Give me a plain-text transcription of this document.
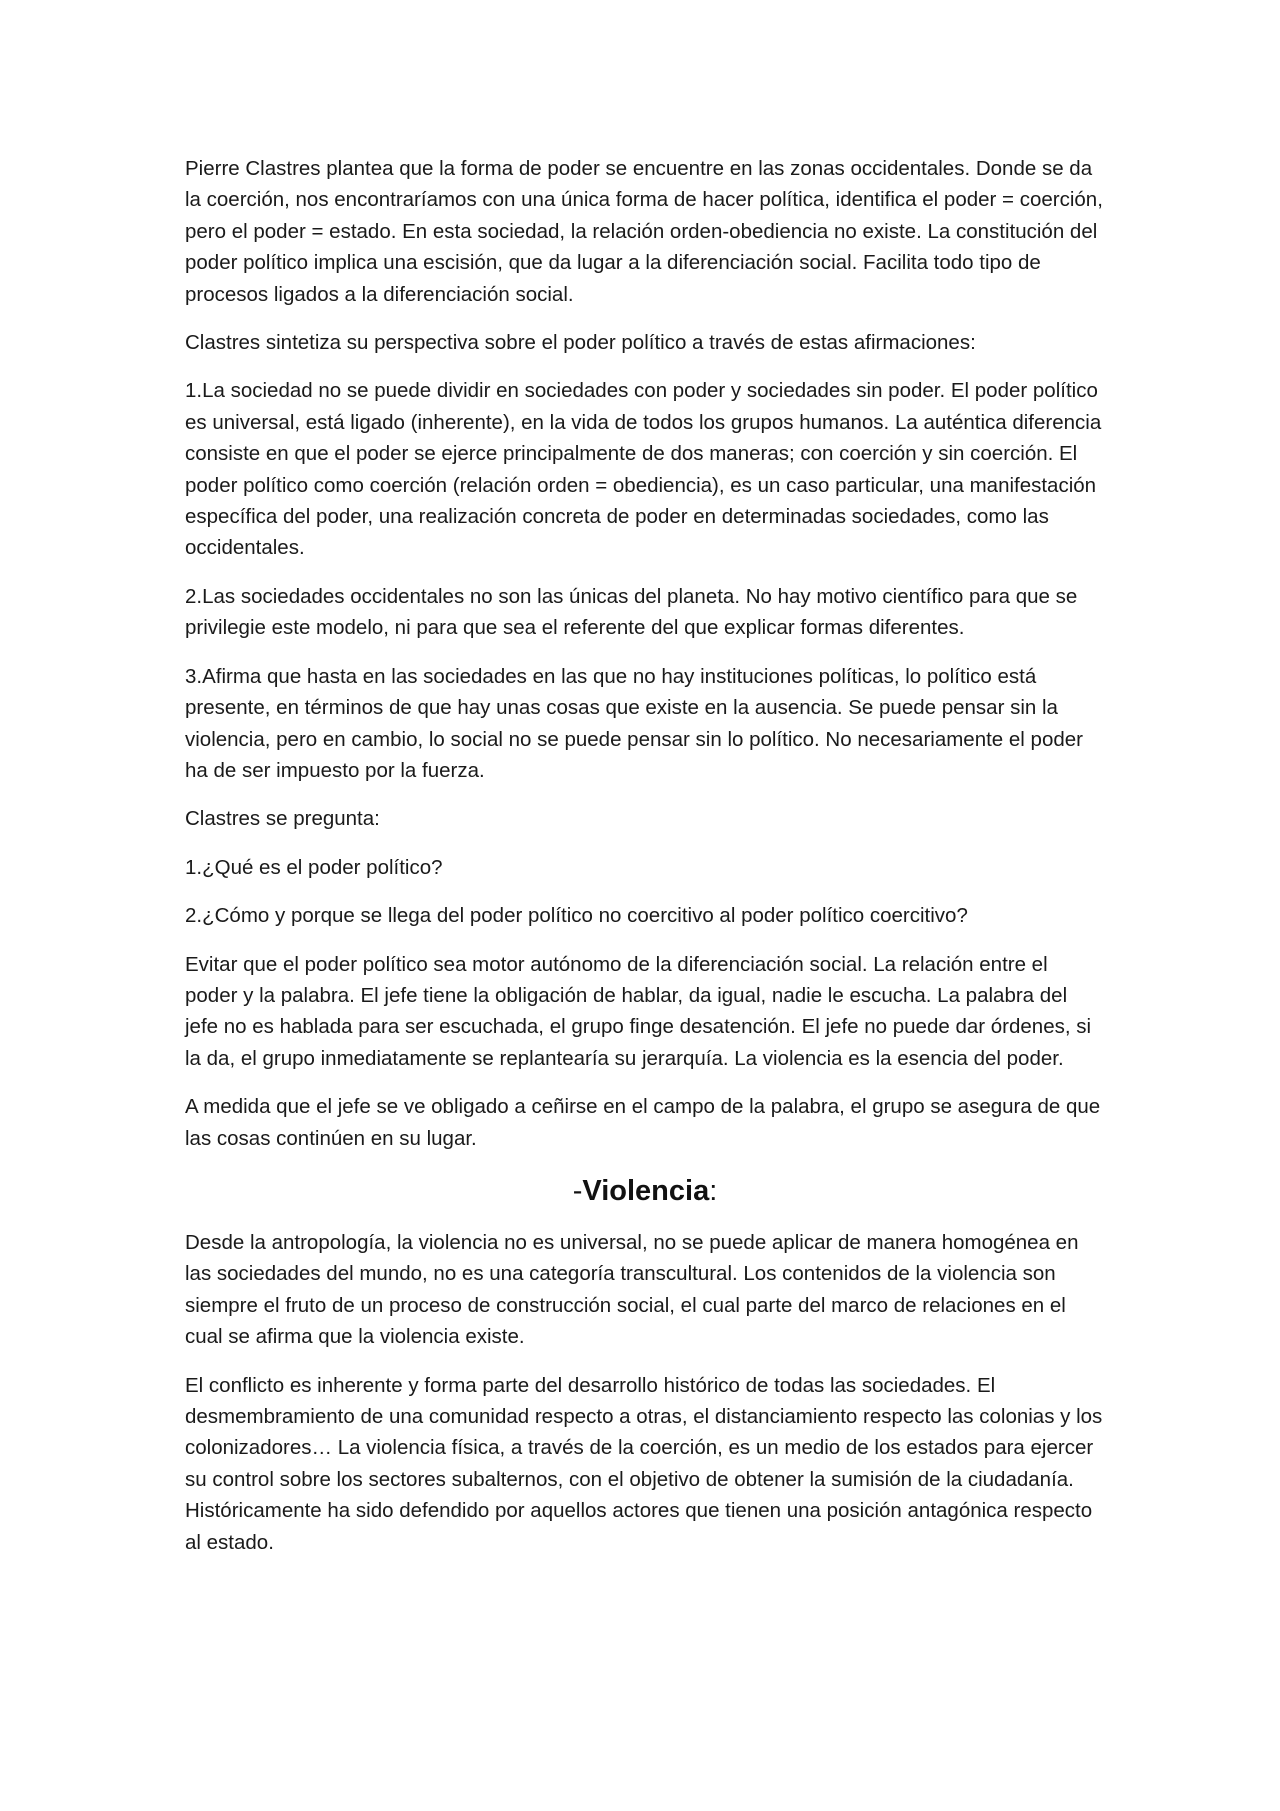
Pierre Clastres plantea que la forma de poder se encuentre en las zonas occidentales. Donde se da la coerción, nos encontraríamos con una única forma de hacer política, identifica el poder = coerción, pero el poder = estado. En esta sociedad, la relación orden-obediencia no existe. La constitución del poder político implica una escisión, que da lugar a la diferenciación social. Facilita todo tipo de procesos ligados a la diferenciación social.

Clastres sintetiza su perspectiva sobre el poder político a través de estas afirmaciones:

1.La sociedad no se puede dividir en sociedades con poder y sociedades sin poder. El poder político es universal, está ligado (inherente), en la vida de todos los grupos humanos. La auténtica diferencia consiste en que el poder se ejerce principalmente de dos maneras; con coerción y sin coerción. El poder político como coerción (relación orden = obediencia), es un caso particular, una manifestación específica del poder, una realización concreta de poder en determinadas sociedades, como las occidentales.

2.Las sociedades occidentales no son las únicas del planeta. No hay motivo científico para que se privilegie este modelo, ni para que sea el referente del que explicar formas diferentes.

3.Afirma que hasta en las sociedades en las que no hay instituciones políticas, lo político está presente, en términos de que hay unas cosas que existe en la ausencia. Se puede pensar sin la violencia, pero en cambio, lo social no se puede pensar sin lo político. No necesariamente el poder ha de ser impuesto por la fuerza.

Clastres se pregunta:

1.¿Qué es el poder político?

2.¿Cómo y porque se llega del poder político no coercitivo al poder político coercitivo?

Evitar que el poder político sea motor autónomo de la diferenciación social. La relación entre el poder y la palabra. El jefe tiene la obligación de hablar, da igual, nadie le escucha. La palabra del jefe no es hablada para ser escuchada, el grupo finge desatención. El jefe no puede dar órdenes, si la da, el grupo inmediatamente se replantearía su jerarquía. La violencia es la esencia del poder.

A medida que el jefe se ve obligado a ceñirse en el campo de la palabra, el grupo se asegura de que las cosas continúen en su lugar.

-Violencia:

Desde la antropología, la violencia no es universal, no se puede aplicar de manera homogénea en las sociedades del mundo, no es una categoría transcultural. Los contenidos de la violencia son siempre el fruto de un proceso de construcción social, el cual parte del marco de relaciones en el cual se afirma que la violencia existe.

El conflicto es inherente y forma parte del desarrollo histórico de todas las sociedades. El desmembramiento de una comunidad respecto a otras, el distanciamiento respecto las colonias y los colonizadores… La violencia física, a través de la coerción, es un medio de los estados para ejercer su control sobre los sectores subalternos, con el objetivo de obtener la sumisión de la ciudadanía. Históricamente ha sido defendido por aquellos actores que tienen una posición antagónica respecto al estado.
